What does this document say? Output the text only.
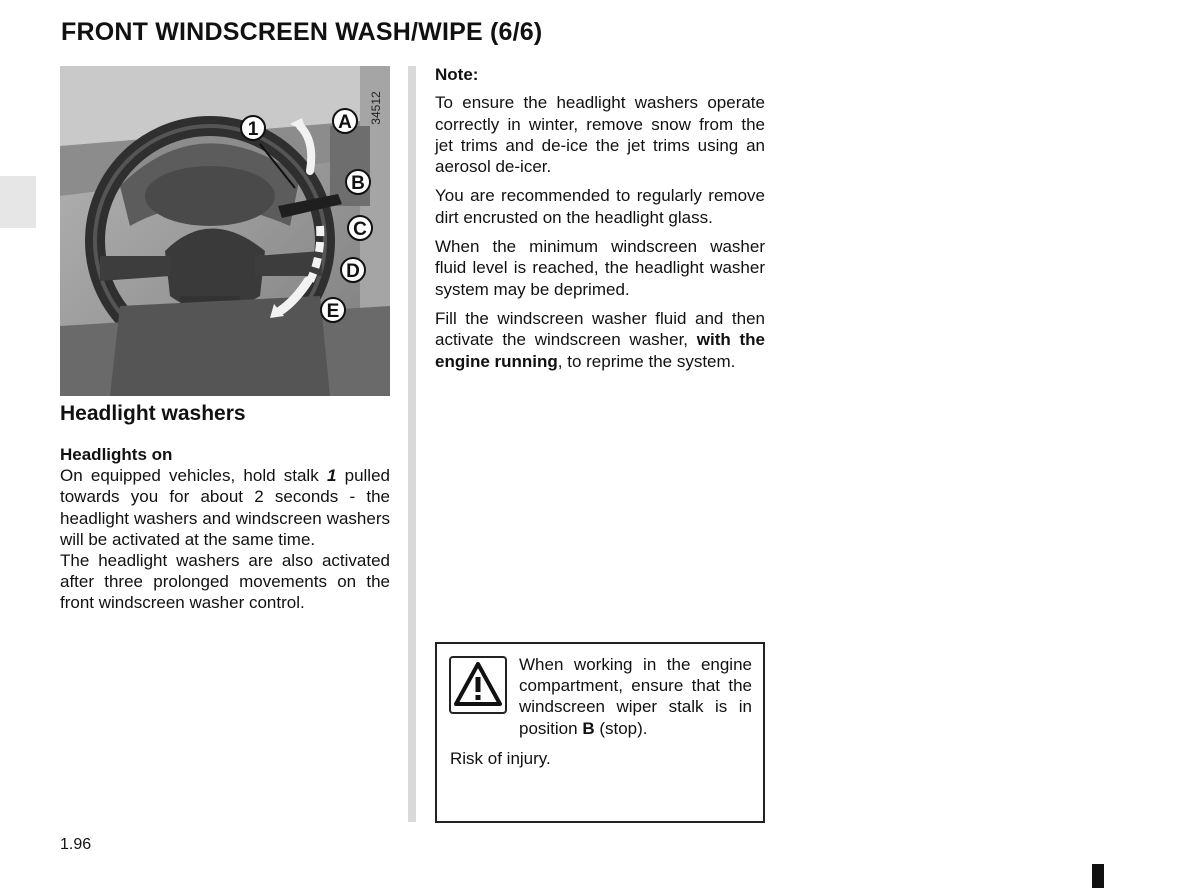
FRONT WINDSCREEN WASH/WIPE (6/6)
1	A
B
C
D
E
34512
Headlight washers
Headlights on

On equipped vehicles, hold stalk 1 pulled towards you for about 2 seconds - the headlight washers and windscreen washers will be activated at the same time.

The headlight washers are also activated after three prolonged movements on the front windscreen washer control.

Note:

To ensure the headlight washers operate correctly in winter, remove snow from the jet trims and de-ice the jet trims using an aerosol de-icer.

You are recommended to regularly remove dirt encrusted on the headlight glass.

When the minimum windscreen washer fluid level is reached, the headlight washer system may be deprimed.

Fill the windscreen washer fluid and then activate the windscreen washer, with the engine running, to reprime the system.

When working in the engine compartment, ensure that the windscreen wiper stalk is in position B (stop).
Risk of injury.
1.96
